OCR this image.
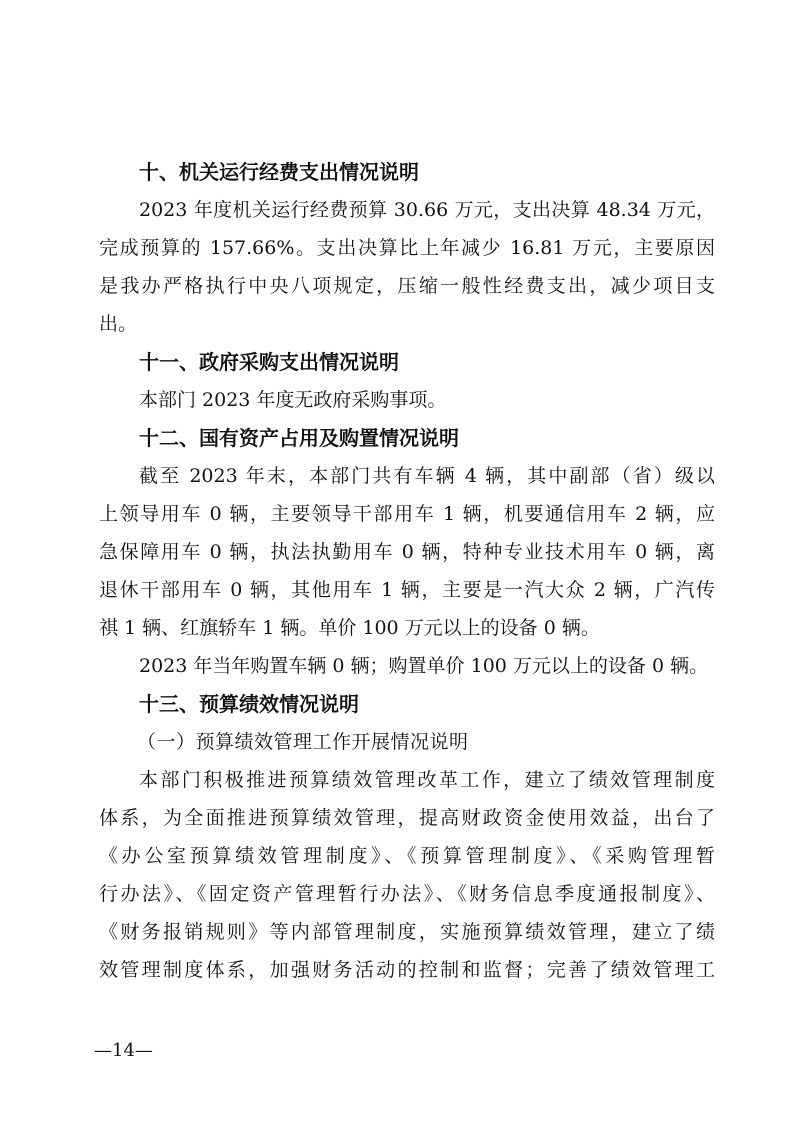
十、机关运行经费支出情况说明
2023 年度机关运行经费预算 30.66 万元，支出决算 48.34 万元，
完成预算的 157.66%。支出决算比上年减少 16.81 万元，主要原因
是我办严格执行中央八项规定，压缩一般性经费支出，减少项目支
出。
十一、政府采购支出情况说明
本部门 2023 年度无政府采购事项。
十二、国有资产占用及购置情况说明
截至 2023 年末，本部门共有车辆 4 辆，其中副部（省）级以
上领导用车 0 辆，主要领导干部用车 1 辆，机要通信用车 2 辆，应
急保障用车 0 辆，执法执勤用车 0 辆，特种专业技术用车 0 辆，离
退休干部用车 0 辆，其他用车 1 辆，主要是一汽大众 2 辆，广汽传
祺 1 辆、红旗轿车 1 辆。单价 100 万元以上的设备 0 辆。
2023 年当年购置车辆 0 辆；购置单价 100 万元以上的设备 0 辆。
十三、预算绩效情况说明
（一）预算绩效管理工作开展情况说明
本部门积极推进预算绩效管理改革工作，建立了绩效管理制度
体系，为全面推进预算绩效管理，提高财政资金使用效益，出台了
《办公室预算绩效管理制度》、《预算管理制度》、《采购管理暂
行办法》、《固定资产管理暂行办法》、《财务信息季度通报制度》、
《财务报销规则》等内部管理制度，实施预算绩效管理，建立了绩
效管理制度体系，加强财务活动的控制和监督；完善了绩效管理工
—14—
